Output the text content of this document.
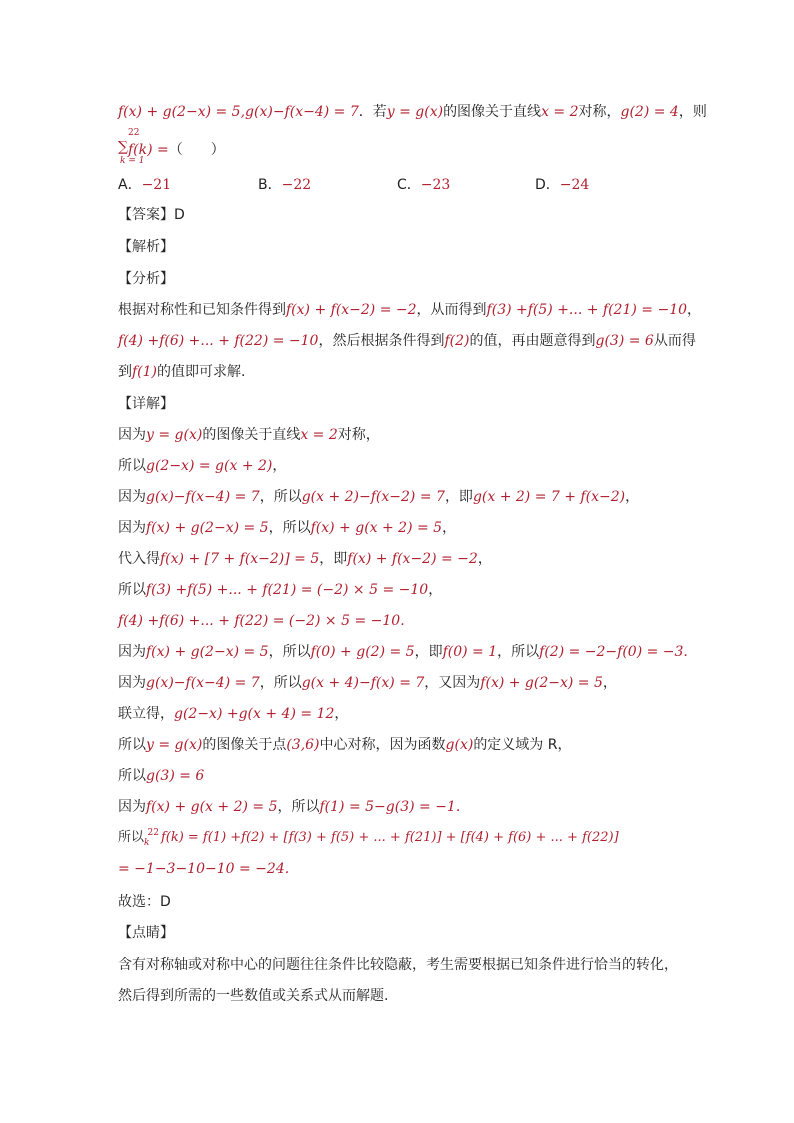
f(x) + g(2−x) = 5,g(x)−f(x−4) = 7．若y = g(x)的图像关于直线x = 2对称，g(2) = 4，则
22
∑
k = 1
f(k) =（　　）
A．−21	B．−22	C．−23	D．−24
【答案】D
【解析】
【分析】
根据对称性和已知条件得到f(x) + f(x−2) = −2，从而得到f(3) +f(5) +... + f(21) = −10，
f(4) +f(6) +... + f(22) = −10，然后根据条件得到f(2)的值，再由题意得到g(3) = 6从而得
到f(1)的值即可求解.
【详解】
因为y = g(x)的图像关于直线x = 2对称，
所以g(2−x) = g(x + 2)，
因为g(x)−f(x−4) = 7，所以g(x + 2)−f(x−2) = 7，即g(x + 2) = 7 + f(x−2)，
因为f(x) + g(2−x) = 5，所以f(x) + g(x + 2) = 5，
代入得f(x) + [7 + f(x−2)] = 5，即f(x) + f(x−2) = −2，
所以f(3) +f(5) +... + f(21) = (−2) × 5 = −10，
f(4) +f(6) +... + f(22) = (−2) × 5 = −10.
因为f(x) + g(2−x) = 5，所以f(0) + g(2) = 5，即f(0) = 1，所以f(2) = −2−f(0) = −3.
因为g(x)−f(x−4) = 7，所以g(x + 4)−f(x) = 7，又因为f(x) + g(2−x) = 5，
联立得，g(2−x) +g(x + 4) = 12，
所以y = g(x)的图像关于点(3,6)中心对称，因为函数g(x)的定义域为 R，
所以g(3) = 6
因为f(x) + g(x + 2) = 5，所以f(1) = 5−g(3) = −1.
所以$_k^{22}$ f(k) = f(1) +f(2) + [f(3) + f(5) + ... + f(21)] + [f(4) + f(6) + ... + f(22)]
= −1−3−10−10 = −24.
故选：D
【点睛】
含有对称轴或对称中心的问题往往条件比较隐蔽，考生需要根据已知条件进行恰当的转化，
然后得到所需的一些数值或关系式从而解题.
